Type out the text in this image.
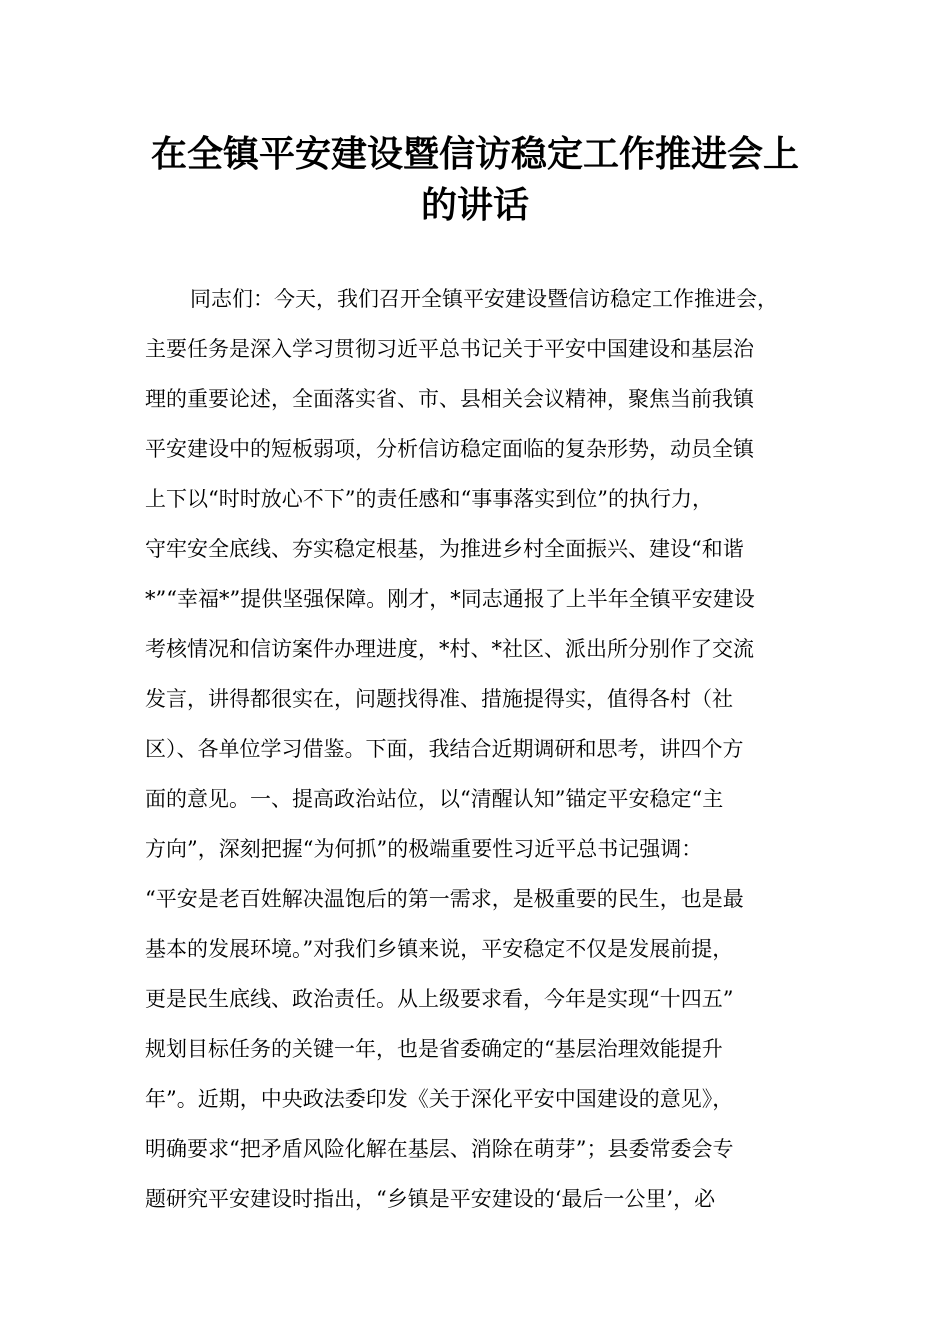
在全镇平安建设暨信访稳定工作推进会上
的讲话
同志们：今天，我们召开全镇平安建设暨信访稳定工作推进会，
主要任务是深入学习贯彻习近平总书记关于平安中国建设和基层治
理的重要论述，全面落实省、市、县相关会议精神，聚焦当前我镇
平安建设中的短板弱项，分析信访稳定面临的复杂形势，动员全镇
上下以“时时放心不下”的责任感和“事事落实到位”的执行力，
守牢安全底线、夯实稳定根基，为推进乡村全面振兴、建设“和谐
*”“幸福*”提供坚强保障。刚才，*同志通报了上半年全镇平安建设
考核情况和信访案件办理进度，*村、*社区、派出所分别作了交流
发言，讲得都很实在，问题找得准、措施提得实，值得各村（社
区）、各单位学习借鉴。下面，我结合近期调研和思考，讲四个方
面的意见。一、提高政治站位，以“清醒认知”锚定平安稳定“主
方向”，深刻把握“为何抓”的极端重要性习近平总书记强调：
“平安是老百姓解决温饱后的第一需求，是极重要的民生，也是最
基本的发展环境。”对我们乡镇来说，平安稳定不仅是发展前提，
更是民生底线、政治责任。从上级要求看，今年是实现“十四五”
规划目标任务的关键一年，也是省委确定的“基层治理效能提升
年”。近期，中央政法委印发《关于深化平安中国建设的意见》，
明确要求“把矛盾风险化解在基层、消除在萌芽”；县委常委会专
题研究平安建设时指出，“乡镇是平安建设的‘最后一公里’，必
